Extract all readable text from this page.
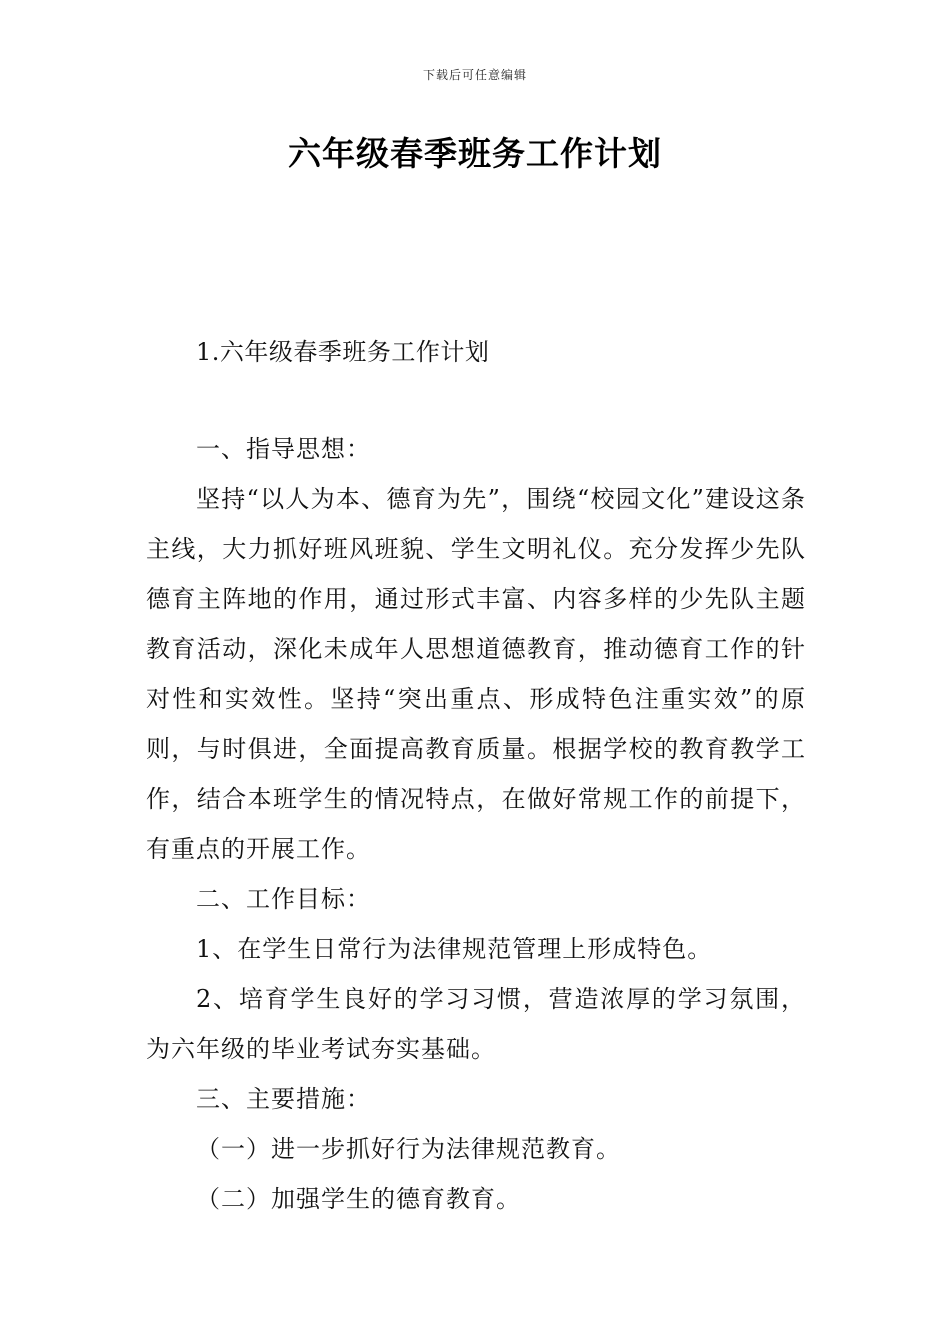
下载后可任意编辑
六年级春季班务工作计划
1.六年级春季班务工作计划

一、指导思想：

坚持“以人为本、德育为先”，围绕“校园文化”建设这条主线，大力抓好班风班貌、学生文明礼仪。充分发挥少先队德育主阵地的作用，通过形式丰富、内容多样的少先队主题教育活动，深化未成年人思想道德教育，推动德育工作的针对性和实效性。坚持“突出重点、形成特色注重实效”的原则，与时俱进，全面提高教育质量。根据学校的教育教学工作，结合本班学生的情况特点，在做好常规工作的前提下，有重点的开展工作。

二、工作目标：

1、在学生日常行为法律规范管理上形成特色。

2、培育学生良好的学习习惯，营造浓厚的学习氛围，为六年级的毕业考试夯实基础。

三、主要措施：

（一）进一步抓好行为法律规范教育。

（二）加强学生的德育教育。
